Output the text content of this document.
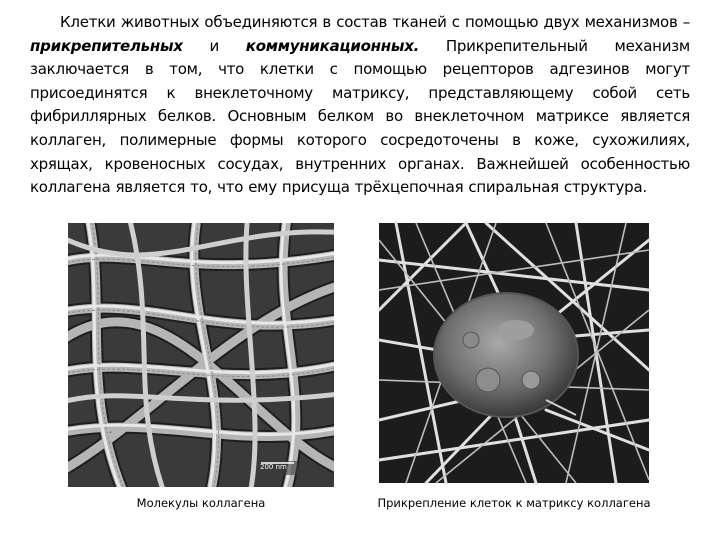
Клетки животных объединяются в состав тканей с помощью двух механизмов – прикрепительных и коммуникационных. Прикрепительный механизм заключается в том, что клетки с помощью рецепторов адгезинов могут присоединятся к внеклеточному матриксу, представляющему собой сеть фибриллярных белков. Основным белком во внеклеточном матриксе является коллаген, полимерные формы которого сосредоточены в коже, сухожилиях, хрящах, кровеносных сосудах, внутренних органах. Важнейшей особенностью коллагена является то, что ему присуща трёхцепочная спиральная структура.
200 nm
Молекулы коллагена	Прикрепление клеток к матриксу коллагена
